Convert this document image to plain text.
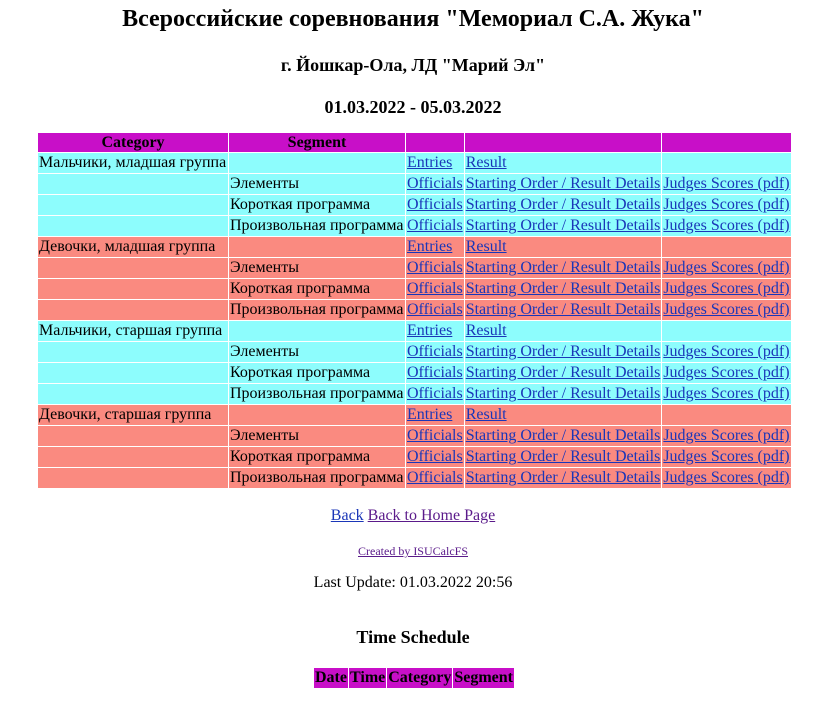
Всероссийские соревнования "Мемориал С.А. Жука"
г. Йошкар-Ола, ЛД "Марий Эл"
01.03.2022 - 05.03.2022
Category	Segment			
Мальчики, младшая группа		Entries	Result	
	Элементы	Officials	Starting Order / Result Details	Judges Scores (pdf)
	Короткая программа	Officials	Starting Order / Result Details	Judges Scores (pdf)
	Произвольная программа	Officials	Starting Order / Result Details	Judges Scores (pdf)
Девочки, младшая группа		Entries	Result	
	Элементы	Officials	Starting Order / Result Details	Judges Scores (pdf)
	Короткая программа	Officials	Starting Order / Result Details	Judges Scores (pdf)
	Произвольная программа	Officials	Starting Order / Result Details	Judges Scores (pdf)
Мальчики, старшая группа		Entries	Result	
	Элементы	Officials	Starting Order / Result Details	Judges Scores (pdf)
	Короткая программа	Officials	Starting Order / Result Details	Judges Scores (pdf)
	Произвольная программа	Officials	Starting Order / Result Details	Judges Scores (pdf)
Девочки, старшая группа		Entries	Result	
	Элементы	Officials	Starting Order / Result Details	Judges Scores (pdf)
	Короткая программа	Officials	Starting Order / Result Details	Judges Scores (pdf)
	Произвольная программа	Officials	Starting Order / Result Details	Judges Scores (pdf)
Back Back to Home Page
Created by ISUCalcFS
Last Update: 01.03.2022 20:56
Time Schedule
Date	Time	Category	Segment
